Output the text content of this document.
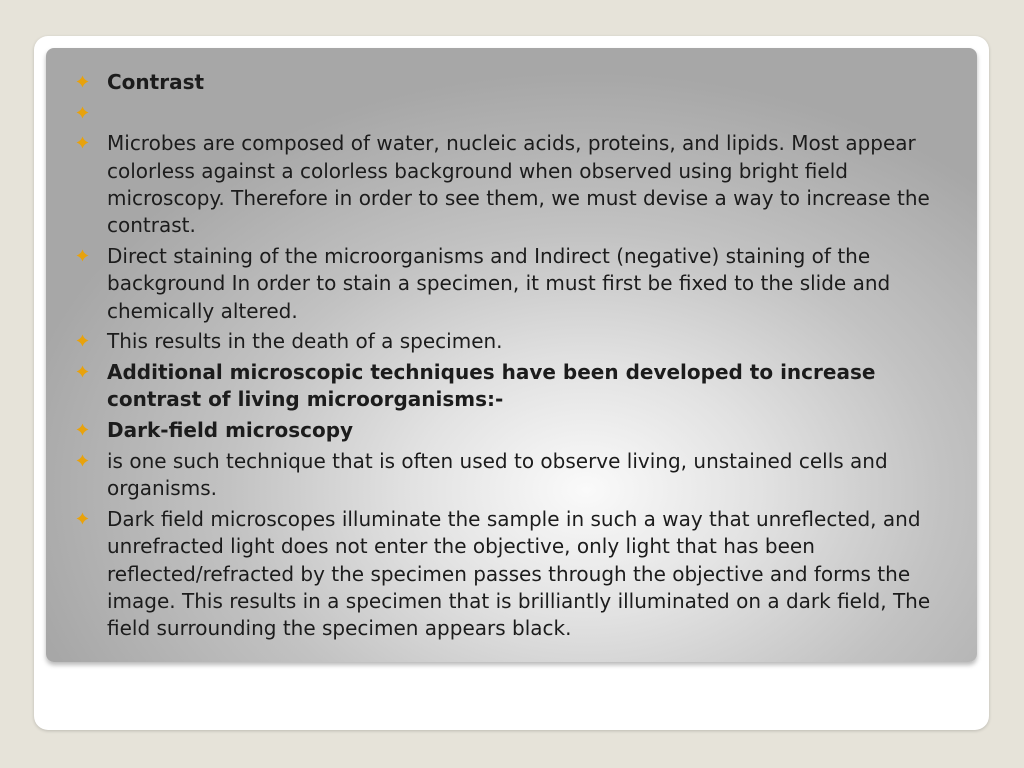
Contrast
Microbes are composed of water, nucleic acids, proteins, and lipids. Most appear colorless against a colorless background when observed using bright field microscopy. Therefore in order to see them, we must devise a way to increase the contrast.
Direct staining of the microorganisms and Indirect (negative) staining of the background In order to stain a specimen, it must first be fixed to the slide and chemically altered.
This results in the death of a specimen.
Additional microscopic techniques have been developed to increase contrast of living microorganisms:-
Dark-field microscopy
is one such technique that is often used to observe living, unstained cells and organisms.
Dark field microscopes illuminate the sample in such a way that unreflected, and unrefracted light does not enter the objective, only light that has been reflected/refracted by the specimen passes through the objective and forms the image. This results in a specimen that is brilliantly illuminated on a dark field, The field surrounding the specimen appears black.
